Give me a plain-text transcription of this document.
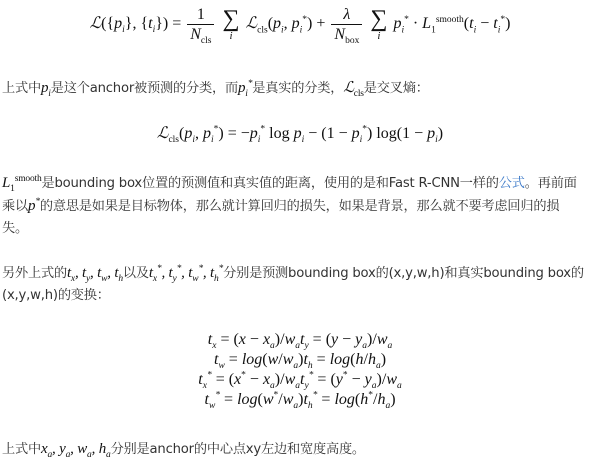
$ℒ(\{p_i\}$, $\{t_i\}) = \frac{1}{N_{cls}}$
∑
i
$ℒ_{cls}(p_i$, $p_i^*) + \frac{\lambda}{N_{box}}$
∑
i
$p_i^* \cdot L_1^{smooth}(t_i - t_i^*)$
上式中$p_i$是这个anchor被预测的分类，而$p_i^*$是真实的分类，ℒ$_{cls}$是交叉熵：
$ℒ_{cls}(p_i$, $p_i^*) = -p_i^*$ $\log p_i - (1 - p_i^*) \log(1 - p_i)$
$L_1^{smooth}$是bounding box位置的预测值和真实值的距离，使用的是和Fast R-CNN一样的公式。再前面
乘以p*的意思是如果是目标物体，那么就计算回归的损失，如果是背景，那么就不要考虑回归的损
失。
另外上式的$t_x$, $t_y$, $t_w$, $t_h$以及$t_x^*$, $t_y^*$, $t_w^*$, $t_h^*$分别是预测bounding box的(x,y,w,h)和真实bounding box的
(x,y,w,h)的变换：
$t_x = (x - x_a)/w_at_y = (y - y_a)/w_a$
$t_w = \log(w/w_a)t_h = \log(h/h_a)$
$t_x^* = (x^* - x_a)/w_at_y^* = (y^* - y_a)/w_a$
$t_w^* = \log(w^*/w_a)t_h^* = \log(h^*/h_a)$
上式中$x_a$, $y_a$, $w_a$, $h_a$分别是anchor的中心点xy左边和宽度高度。
